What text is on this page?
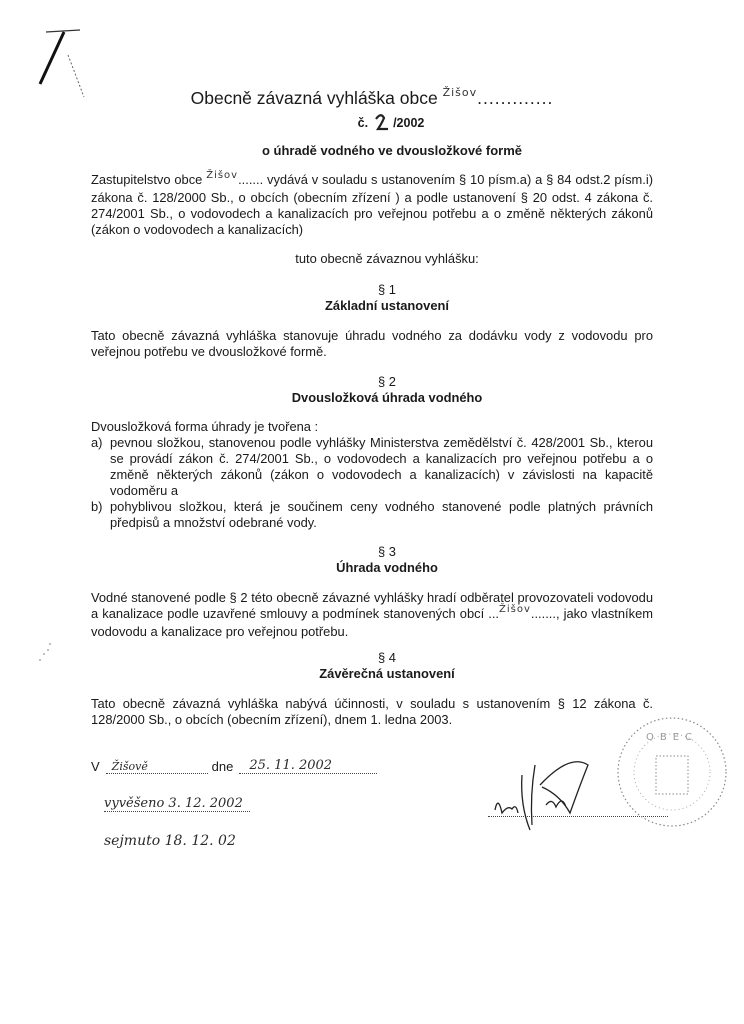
Obecně závazná vyhláška obce $^{Žišov}$.............
č. /2002
o úhradě vodného ve dvousložkové formě
Zastupitelstvo obce $^{Žišov}$....... vydává v souladu s ustanovením § 10 písm.a) a § 84 odst.2 písm.i) zákona č. 128/2000 Sb., o obcích (obecním zřízení ) a podle ustanovení § 20 odst. 4 zákona č. 274/2001 Sb., o vodovodech a kanalizacích pro veřejnou potřebu a o změně některých zákonů (zákon o vodovodech a kanalizacích)
tuto obecně závaznou vyhlášku:
§ 1
Základní ustanovení
Tato obecně závazná vyhláška stanovuje úhradu vodného za dodávku vody z vodovodu pro veřejnou potřebu ve dvousložkové formě.
§ 2
Dvousložková úhrada vodného
Dvousložková forma úhrady je tvořena :
a) pevnou složkou, stanovenou podle vyhlášky Ministerstva zemědělství č. 428/2001 Sb., kterou se provádí zákon č. 274/2001 Sb., o vodovodech a kanalizacích pro veřejnou potřebu a o změně některých zákonů (zákon o vodovodech a kanalizacích) v závislosti na kapacitě vodoměru a
b) pohyblivou složkou, která je součinem ceny vodného stanovené podle platných právních předpisů a množství odebrané vody.
§ 3
Úhrada vodného
Vodné stanovené podle § 2 této obecně závazné vyhlášky hradí odběratel provozovateli vodovodu a kanalizace podle uzavřené smlouvy a podmínek stanovených obcí ...$^{Žišov}$......., jako vlastníkem vodovodu a kanalizace pro veřejnou potřebu.
§ 4
Závěrečná ustanovení
Tato obecně závazná vyhláška nabývá účinnosti, v souladu s ustanovením § 12 zákona č. 128/2000 Sb., o obcích (obecním zřízení), dnem 1. ledna 2003.
V	Žišově	dne	25. 11. 2002
vyvěšeno 3. 12. 2002
sejmuto 18. 12. 02
OBEC
